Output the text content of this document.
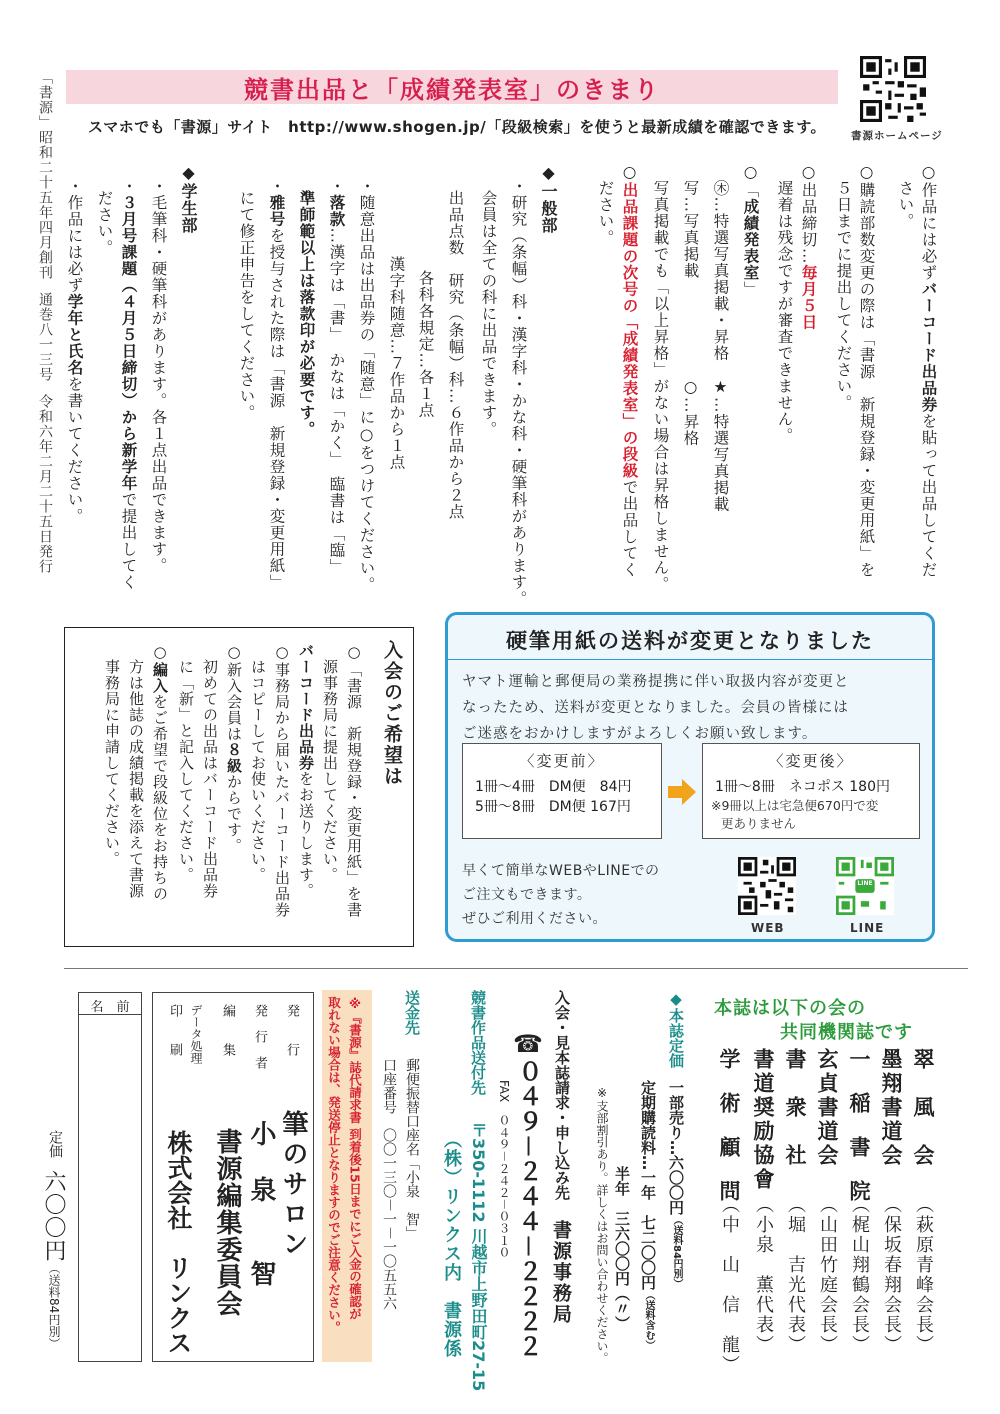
「書源」昭和二十五年四月創刊通巻八一三号令和六年二月二十五日発行
競書出品と「成績発表室」のきまり
スマホでも「書源」サイト　http://www.shogen.jp/「段級検索」を使うと最新成績を確認できます。 書源ホームページ
○作品には必ずバーコード出品券を貼って出品してくだ
さい。
○購読部数変更の際は「書源　新規登録・変更用紙」を
５日までに提出してください。
○出品締切…毎月５日
遅着は残念ですが審査できません。
○「成績発表室」
㊍…特選写真掲載・昇格　★…特選写真掲載
写…写真掲載　　　　　　○…昇格
写真掲載でも「以上昇格」がない場合は昇格しません。
○出品課題の次号の「成績発表室」の段級で出品してく
ださい。
◆一般部
・研究（条幅）科・漢字科・かな科・硬筆科があります。
会員は全ての科に出品できます。
出品点数　研究（条幅）科…６作品から２点
各科各規定…各１点
漢字科随意…７作品から１点
・随意出品は出品券の「随意」に○をつけてください。
・落款…漢字は「書」　かなは「かく」　臨書は「臨」
準師範以上は落款印が必要です。
・雅号を授与された際は「書源　新規登録・変更用紙」
にて修正申告をしてください。
◆学生部
・毛筆科・硬筆科があります。各１点出品できます。
・３月号課題（４月５日締切）から新学年で提出してく
ださい。
・作品には必ず学年と氏名を書いてください。
入会のご希望は
○「書源　新規登録・変更用紙」を書
源事務局に提出してください。
バーコード出品券をお送りします。
○事務局から届いたバーコード出品券
はコピーしてお使いください。
○新入会員は８級からです。
初めての出品はバーコード出品券
に「新」と記入してください。
○編入をご希望で段級位をお持ちの
方は他誌の成績掲載を添えて書源
事務局に申請してください。
硬筆用紙の送料が変更となりました
ヤマト運輸と郵便局の業務提携に伴い取扱内容が変更と
なったため、送料が変更となりました。会員の皆様には
ご迷惑をおかけしますがよろしくお願い致します。
〈変更前〉
1冊～4冊　DM便　84円
5冊～8冊　DM便 167円
〈変更後〉
1冊～8冊　ネコポス 180円
※9冊以上は宅急便670円で変
更ありません
早くて簡単なWEBやLINEでの
ご注文もできます。
ぜひご利用ください。
WEB
LINE
LINE
本誌は以下の会の
共同機関誌です
翠　風　会
（萩原青峰会長）
墨翔書道会
（保坂春翔会長）
一　稲　書　院
（梶山翔鶴会長）
玄貞書道会
（山田竹庭会長）
書　衆　社
（堀　吉光代表）
書道奨励協會
（小泉　薫代表）
学　術　顧　問
（中　山　信　龍）
◆本誌定価
一部売り…六〇〇円（送料84円別）
定期購読料…一年　七二〇〇円（送料含む）
半年　三六〇〇円（〃）
※支部割引あり。詳しくはお問い合わせください。
入会・見本誌請求・申し込み先
書源事務局
☎０４９－２４４－２２２２
FAX　０４９－２４２－０３１０
競書作品送付先
〒350-1112 川越市上野田町27-15
（株）リンクス内　書源係
送金先
郵便振替口座名「小泉　智」
口座番号　〇〇一三〇－一－一〇五五六
※『書源』誌代請求書 到着後15日までにご入金の確認が
取れない場合は、発送停止となりますのでご注意ください。
発　　行
筆のサロン
発　行　者
小　泉　　智
編　　集
書源編集委員会
データ処理
印　　刷
株式会社　リンクス
名　前
定価
六〇〇円
（送料84円別）
